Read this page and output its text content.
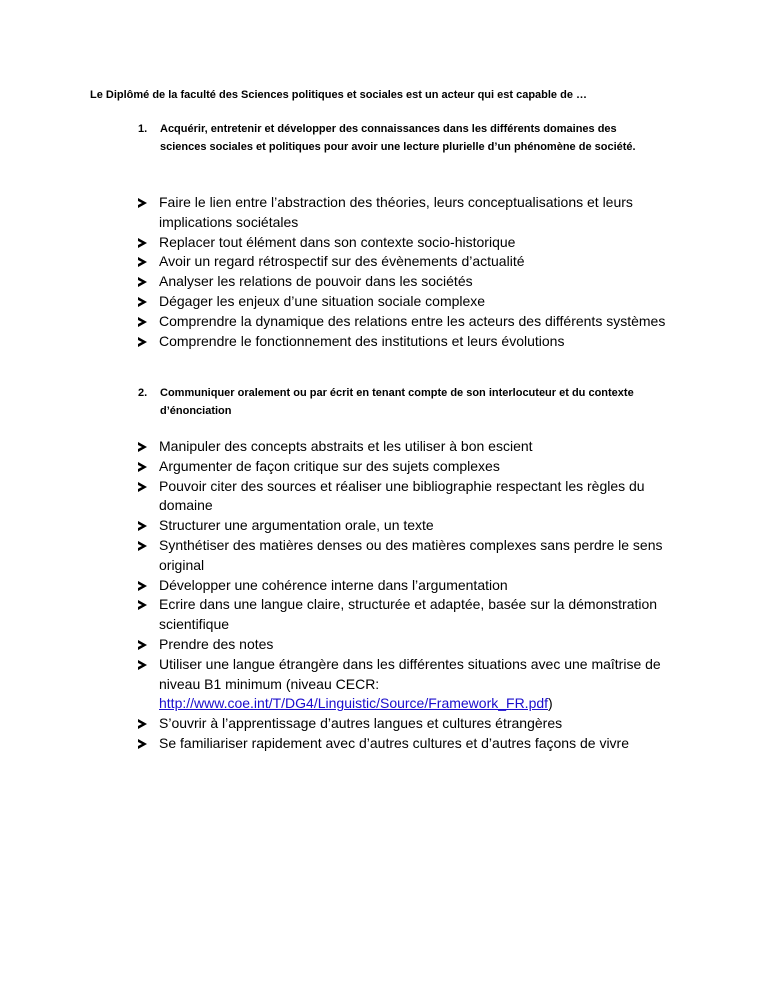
Le Diplômé de la faculté des Sciences politiques et sociales est un acteur qui est capable de …
1. Acquérir, entretenir et développer des connaissances dans les différents domaines des sciences sociales et politiques pour avoir une lecture plurielle d’un phénomène de société.
Faire le lien entre l’abstraction des théories, leurs conceptualisations et leurs implications sociétales
Replacer tout élément dans son contexte socio-historique
Avoir un regard rétrospectif sur des évènements d’actualité
Analyser les relations de pouvoir dans les sociétés
Dégager les enjeux d’une situation sociale complexe
Comprendre la dynamique des relations entre les acteurs des différents systèmes
Comprendre le fonctionnement des institutions et leurs évolutions
2. Communiquer oralement ou par écrit en tenant compte de son interlocuteur et du contexte d’énonciation
Manipuler des concepts abstraits et les utiliser à bon escient
Argumenter de façon critique sur des sujets complexes
Pouvoir citer des sources et réaliser une bibliographie respectant les règles du domaine
Structurer une argumentation orale, un texte
Synthétiser des matières denses ou des matières complexes sans perdre le sens original
Développer une cohérence interne dans l’argumentation
Ecrire dans une langue claire, structurée et adaptée, basée sur la démonstration scientifique
Prendre des notes
Utiliser une langue étrangère dans les différentes situations avec une maîtrise de niveau B1 minimum (niveau CECR: http://www.coe.int/T/DG4/Linguistic/Source/Framework_FR.pdf)
S’ouvrir à l’apprentissage d’autres langues et cultures étrangères
Se familiariser rapidement avec d’autres cultures et d’autres façons de vivre
